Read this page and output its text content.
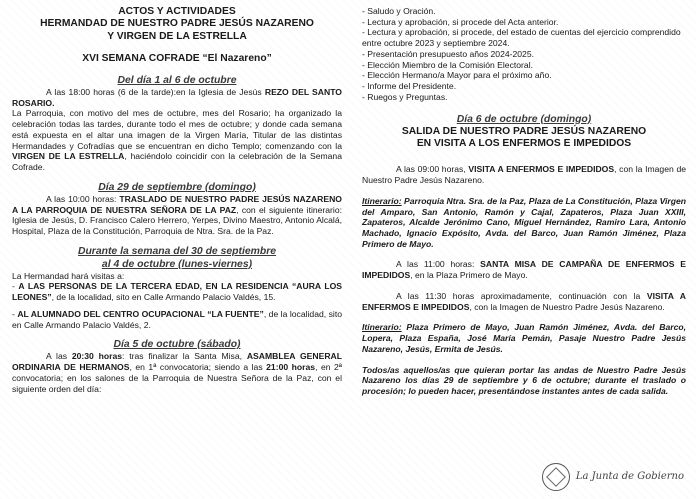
ACTOS Y ACTIVIDADES
HERMANDAD DE NUESTRO PADRE JESÚS NAZARENO
Y VIRGEN DE LA ESTRELLA
XVI SEMANA COFRADE “El Nazareno”
Del día 1 al 6 de octubre
A las 18:00 horas (6 de la tarde):en la Iglesia de Jesús REZO DEL SANTO ROSARIO.
La Parroquia, con motivo del mes de octubre, mes del Rosario; ha organizado la celebración todas las tardes, durante todo el mes de octubre; y donde cada semana está expuesta en el altar una imagen de la Virgen María, Titular de las distintas Hermandades y Cofradías que se encuentran en dicho Templo; comenzando con la VIRGEN DE LA ESTRELLA, haciéndolo coincidir con la celebración de la Semana Cofrade.
Día 29 de septiembre (domingo)
A las 10:00 horas: TRASLADO DE NUESTRO PADRE JESÚS NAZARENO A LA PARROQUIA DE NUESTRA SEÑORA DE LA PAZ, con el siguiente itinerario: Iglesia de Jesús, D. Francisco Calero Herrero, Yerpes, Divino Maestro, Antonio Alcalá, Hospital, Plaza de la Constitución, Parroquia de Ntra. Sra. de la Paz.
Durante la semana del 30 de septiembre
al 4 de octubre (lunes-viernes)
La Hermandad hará visitas a:
- A LAS PERSONAS DE LA TERCERA EDAD, EN LA RESIDENCIA “AURA LOS LEONES”, de la localidad, sito en Calle Armando Palacio Valdés, 15.
- AL ALUMNADO DEL CENTRO OCUPACIONAL “LA FUENTE”, de la localidad, sito en Calle Armando Palacio Valdés, 2.
Día 5 de octubre (sábado)
A las 20:30 horas: tras finalizar la Santa Misa, ASAMBLEA GENERAL ORDINARIA DE HERMANOS, en 1ª convocatoria; siendo a las 21:00 horas, en 2ª convocatoria; en los salones de la Parroquia de Nuestra Señora de la Paz, con el siguiente orden del día:
- Saludo y Oración.
- Lectura y aprobación, si procede del Acta anterior.
- Lectura y aprobación, si procede, del estado de cuentas del ejercicio comprendido entre octubre 2023 y septiembre 2024.
- Presentación presupuesto años 2024-2025.
- Elección Miembro de la Comisión Electoral.
- Elección Hermano/a Mayor para el próximo año.
- Informe del Presidente.
- Ruegos y Preguntas.
Día 6 de octubre (domingo)
SALIDA DE NUESTRO PADRE JESÚS NAZARENO
EN VISITA A LOS ENFERMOS E IMPEDIDOS
A las 09:00 horas, VISITA A ENFERMOS E IMPEDIDOS, con la Imagen de Nuestro Padre Jesús Nazareno.
Itinerario: Parroquia Ntra. Sra. de la Paz, Plaza de La Constitución, Plaza Virgen del Amparo, San Antonio, Ramón y Cajal, Zapateros, Plaza Juan XXIII, Zapateros, Alcalde Jerónimo Cano, Miguel Hernández, Ramiro Lara, Antonio Machado, Ignacio Expósito, Avda. del Barco, Juan Ramón Jiménez, Plaza Primero de Mayo.
A las 11:00 horas: SANTA MISA DE CAMPAÑA DE ENFERMOS E IMPEDIDOS, en la Plaza Primero de Mayo.
A las 11:30 horas aproximadamente, continuación con la VISITA A ENFERMOS E IMPEDIDOS, con la Imagen de Nuestro Padre Jesús Nazareno.
Itinerario: Plaza Primero de Mayo, Juan Ramón Jiménez, Avda. del Barco, Lopera, Plaza España, José María Pemán, Pasaje Nuestro Padre Jesús Nazareno, Jesús, Ermita de Jesús.
Todos/as aquellos/as que quieran portar las andas de Nuestro Padre Jesús Nazareno los días 29 de septiembre y 6 de octubre; durante el traslado o procesión; lo pueden hacer, presentándose instantes antes de cada salida.
La Junta de Gobierno
